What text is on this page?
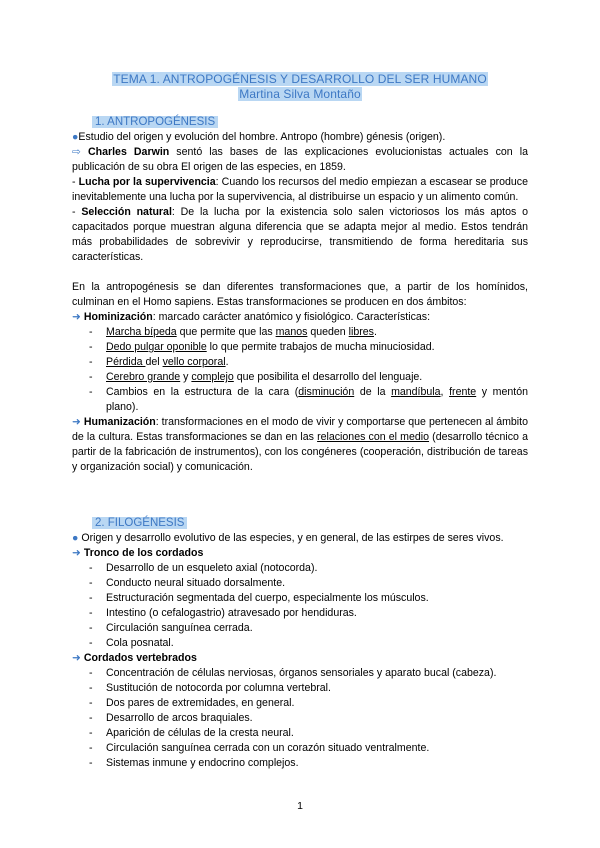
TEMA 1. ANTROPOGÉNESIS Y DESARROLLO DEL SER HUMANO
Martina Silva Montaño
1. ANTROPOGÉNESIS

●Estudio del origen y evolución del hombre. Antropo (hombre) génesis (origen).

⇨ Charles Darwin sentó las bases de las explicaciones evolucionistas actuales con la publicación de su obra El origen de las especies, en 1859.

- Lucha por la supervivencia: Cuando los recursos del medio empiezan a escasear se produce inevitablemente una lucha por la supervivencia, al distribuirse un espacio y un alimento común.

- Selección natural: De la lucha por la existencia solo salen victoriosos los más aptos o capacitados porque muestran alguna diferencia que se adapta mejor al medio. Estos tendrán más probabilidades de sobrevivir y reproducirse, transmitiendo de forma hereditaria sus características.

En la antropogénesis se dan diferentes transformaciones que, a partir de los homínidos, culminan en el Homo sapiens. Estas transformaciones se producen en dos ámbitos:

➜ Hominización: marcado carácter anatómico y fisiológico. Características:

- Marcha bípeda que permite que las manos queden libres.
- Dedo pulgar oponible lo que permite trabajos de mucha minuciosidad.
- Pérdida del vello corporal.
- Cerebro grande y complejo que posibilita el desarrollo del lenguaje.
- Cambios en la estructura de la cara (disminución de la mandíbula, frente y mentón plano).

➜ Humanización: transformaciones en el modo de vivir y comportarse que pertenecen al ámbito de la cultura. Estas transformaciones se dan en las relaciones con el medio (desarrollo técnico a partir de la fabricación de instrumentos), con los congéneres (cooperación, distribución de tareas y organización social) y comunicación.

2. FILOGÉNESIS

● Origen y desarrollo evolutivo de las especies, y en general, de las estirpes de seres vivos.

➜ Tronco de los cordados

- Desarrollo de un esqueleto axial (notocorda).
- Conducto neural situado dorsalmente.
- Estructuración segmentada del cuerpo, especialmente los músculos.
- Intestino (o cefalogastrio) atravesado por hendiduras.
- Circulación sanguínea cerrada.
- Cola posnatal.

➜ Cordados vertebrados

- Concentración de células nerviosas, órganos sensoriales y aparato bucal (cabeza).
- Sustitución de notocorda por columna vertebral.
- Dos pares de extremidades, en general.
- Desarrollo de arcos braquiales.
- Aparición de células de la cresta neural.
- Circulación sanguínea cerrada con un corazón situado ventralmente.
- Sistemas inmune y endocrino complejos.
1
